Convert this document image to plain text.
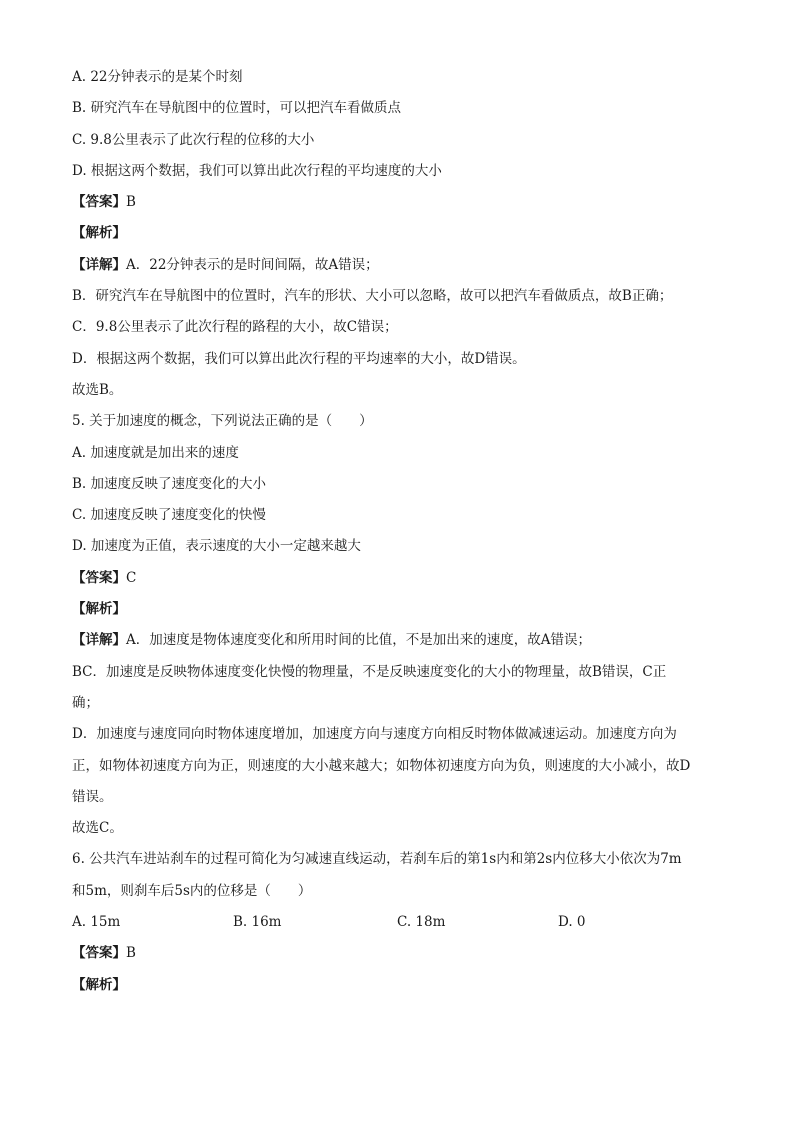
A. 22分钟表示的是某个时刻
B. 研究汽车在导航图中的位置时，可以把汽车看做质点
C. 9.8公里表示了此次行程的位移的大小
D. 根据这两个数据，我们可以算出此次行程的平均速度的大小
【答案】B
【解析】
【详解】A．22分钟表示的是时间间隔，故A错误；
B．研究汽车在导航图中的位置时，汽车的形状、大小可以忽略，故可以把汽车看做质点，故B正确；
C．9.8公里表示了此次行程的路程的大小，故C错误；
D．根据这两个数据，我们可以算出此次行程的平均速率的大小，故D错误。
故选B。
5. 关于加速度的概念，下列说法正确的是（　　）
A. 加速度就是加出来的速度
B. 加速度反映了速度变化的大小
C. 加速度反映了速度变化的快慢
D. 加速度为正值，表示速度的大小一定越来越大
【答案】C
【解析】
【详解】A．加速度是物体速度变化和所用时间的比值，不是加出来的速度，故A错误；
BC．加速度是反映物体速度变化快慢的物理量，不是反映速度变化的大小的物理量，故B错误，C正
确；
D．加速度与速度同向时物体速度增加，加速度方向与速度方向相反时物体做减速运动。加速度方向为
正，如物体初速度方向为正，则速度的大小越来越大；如物体初速度方向为负，则速度的大小减小，故D
错误。
故选C。
6. 公共汽车进站刹车的过程可简化为匀减速直线运动，若刹车后的第1s内和第2s内位移大小依次为7m
和5m，则刹车后5s内的位移是（　　）
A. 15m	B. 16m	C. 18m	D. 0
【答案】B
【解析】
